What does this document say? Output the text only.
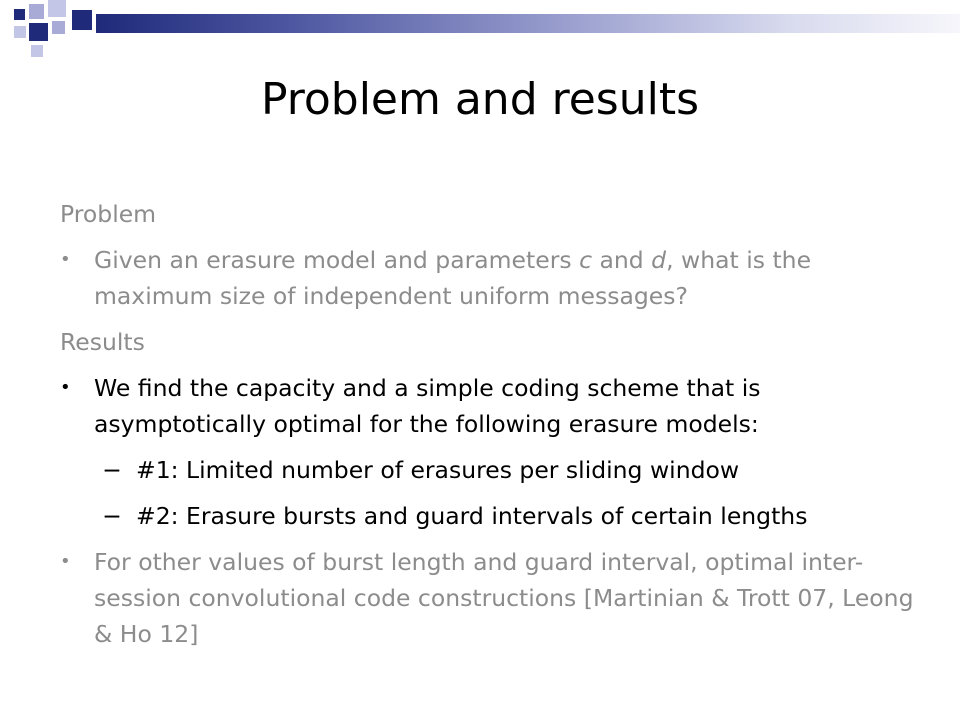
Problem and results

Problem

• Given an erasure model and parameters c and d, what is the maximum size of independent uniform messages?

Results

• We find the capacity and a simple coding scheme that is asymptotically optimal for the following erasure models:
− #1: Limited number of erasures per sliding window
− #2: Erasure bursts and guard intervals of certain lengths
• For other values of burst length and guard interval, optimal inter-session convolutional code constructions [Martinian & Trott 07, Leong & Ho 12]
